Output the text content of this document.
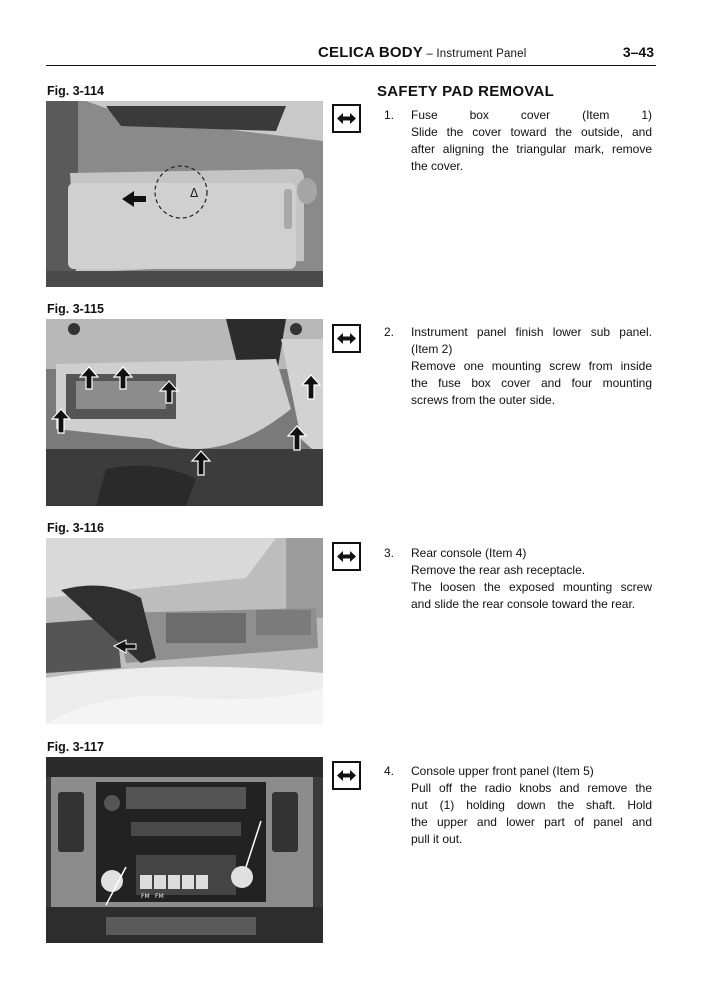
CELICA BODY – Instrument Panel	3–43
SAFETY PAD REMOVAL
Fig. 3-114
Δ
1. Fuse box cover (Item 1)
Slide the cover toward the outside, and
after aligning the triangular mark, remove
the cover.
Fig. 3-115
2. Instrument panel finish lower sub panel.
(Item 2)
Remove one mounting screw from inside
the fuse box cover and four mounting
screws from the outer side.
Fig. 3-116
3. Rear console (Item 4)
Remove the rear ash receptacle.
The loosen the exposed mounting screw
and slide the rear console toward the rear.
Fig. 3-117
FM FM
4. Console upper front panel (Item 5)
Pull off the radio knobs and remove the
nut (1) holding down the shaft. Hold
the upper and lower part of panel and
pull it out.
